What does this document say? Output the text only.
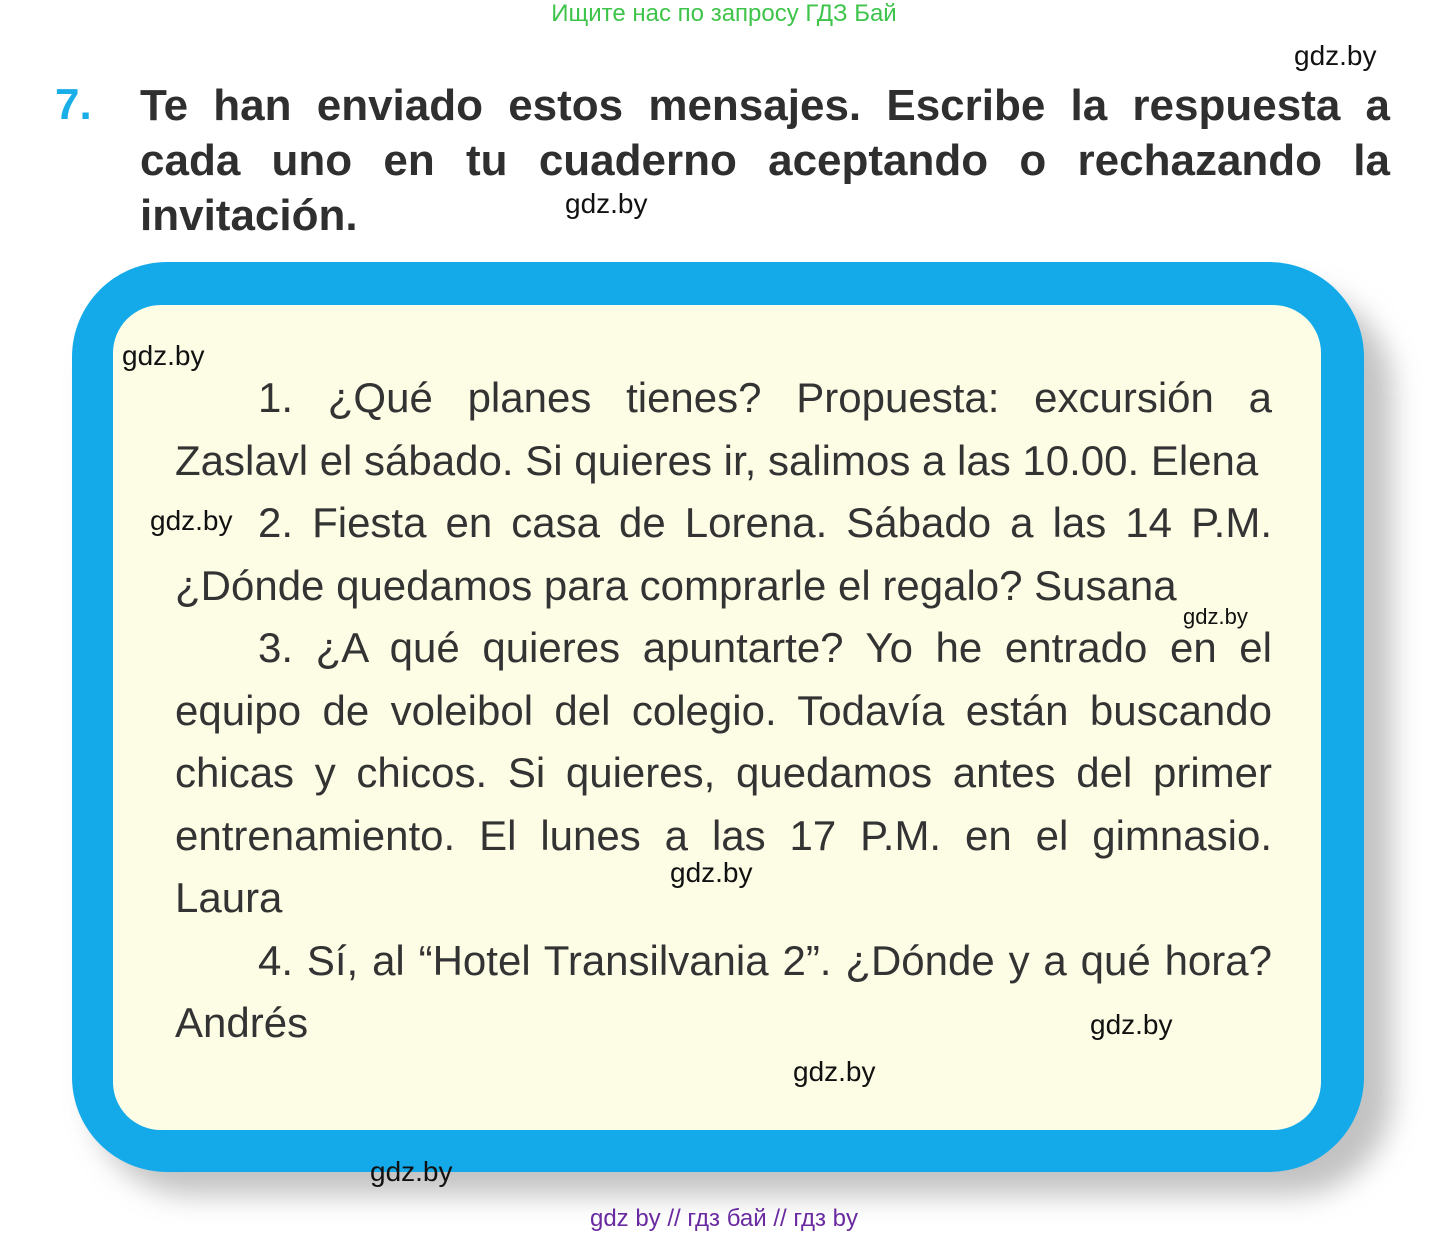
Ищите нас по запросу ГДЗ Бай
gdz.by
7. Te han enviado estos mensajes. Escribe la respuesta a cada uno en tu cuaderno aceptando o rechazando la invitación.	gdz.by

1. ¿Qué planes tienes? Propuesta: excursión a Zaslavl el sábado. Si quieres ir, salimos a las 10.00. Elena

2. Fiesta en casa de Lorena. Sábado a las 14 P.M. ¿Dónde quedamos para comprarle el regalo? Susana

3. ¿A qué quieres apuntarte? Yo he entrado en el equipo de voleibol del colegio. Todavía están buscando chicas y chicos. Si quieres, quedamos antes del primer entrenamiento. El lunes a las 17 P.M. en el gimnasio. Laura

4. Sí, al “Hotel Transilvania 2”. ¿Dónde y a qué hora? Andrés

gdz.by
gdz.by
gdz.by
gdz.by
gdz.by
gdz.by
gdz.by
gdz by // гдз бай // гдз by
